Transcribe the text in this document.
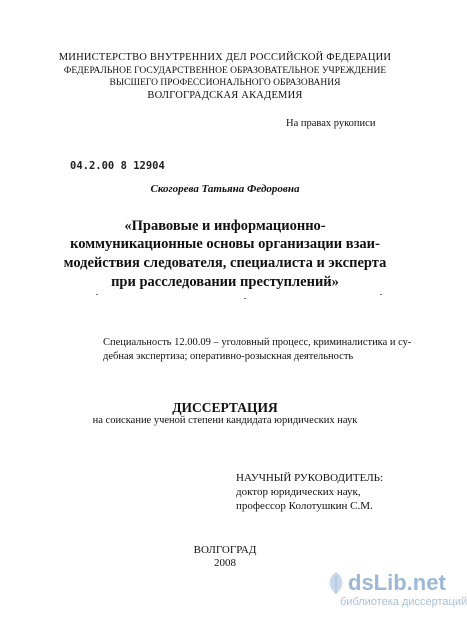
МИНИСТЕРСТВО ВНУТРЕННИХ ДЕЛ РОССИЙСКОЙ ФЕДЕРАЦИИ
ФЕДЕРАЛЬНОЕ ГОСУДАРСТВЕННОЕ ОБРАЗОВАТЕЛЬНОЕ УЧРЕЖДЕНИЕ
ВЫСШЕГО ПРОФЕССИОНАЛЬНОГО ОБРАЗОВАНИЯ
ВОЛГОГРАДСКАЯ АКАДЕМИЯ
На правах рукописи
04.2.00 8 12904
Скогорева Татьяна Федоровна
«Правовые и информационно-
коммуникационные основы организации взаи-
модействия следователя, специалиста и эксперта
при расследовании преступлений»
Специальность 12.00.09 – уголовный процесс, криминалистика и су-
дебная экспертиза; оперативно-розыскная деятельность
ДИССЕРТАЦИЯ
на соискание ученой степени кандидата юридических наук
НАУЧНЫЙ РУКОВОДИТЕЛЬ:
доктор юридических наук,
профессор Колотушкин С.М.
ВОЛГОГРАД
2008
dsLib.net
библиотека диссертаций
